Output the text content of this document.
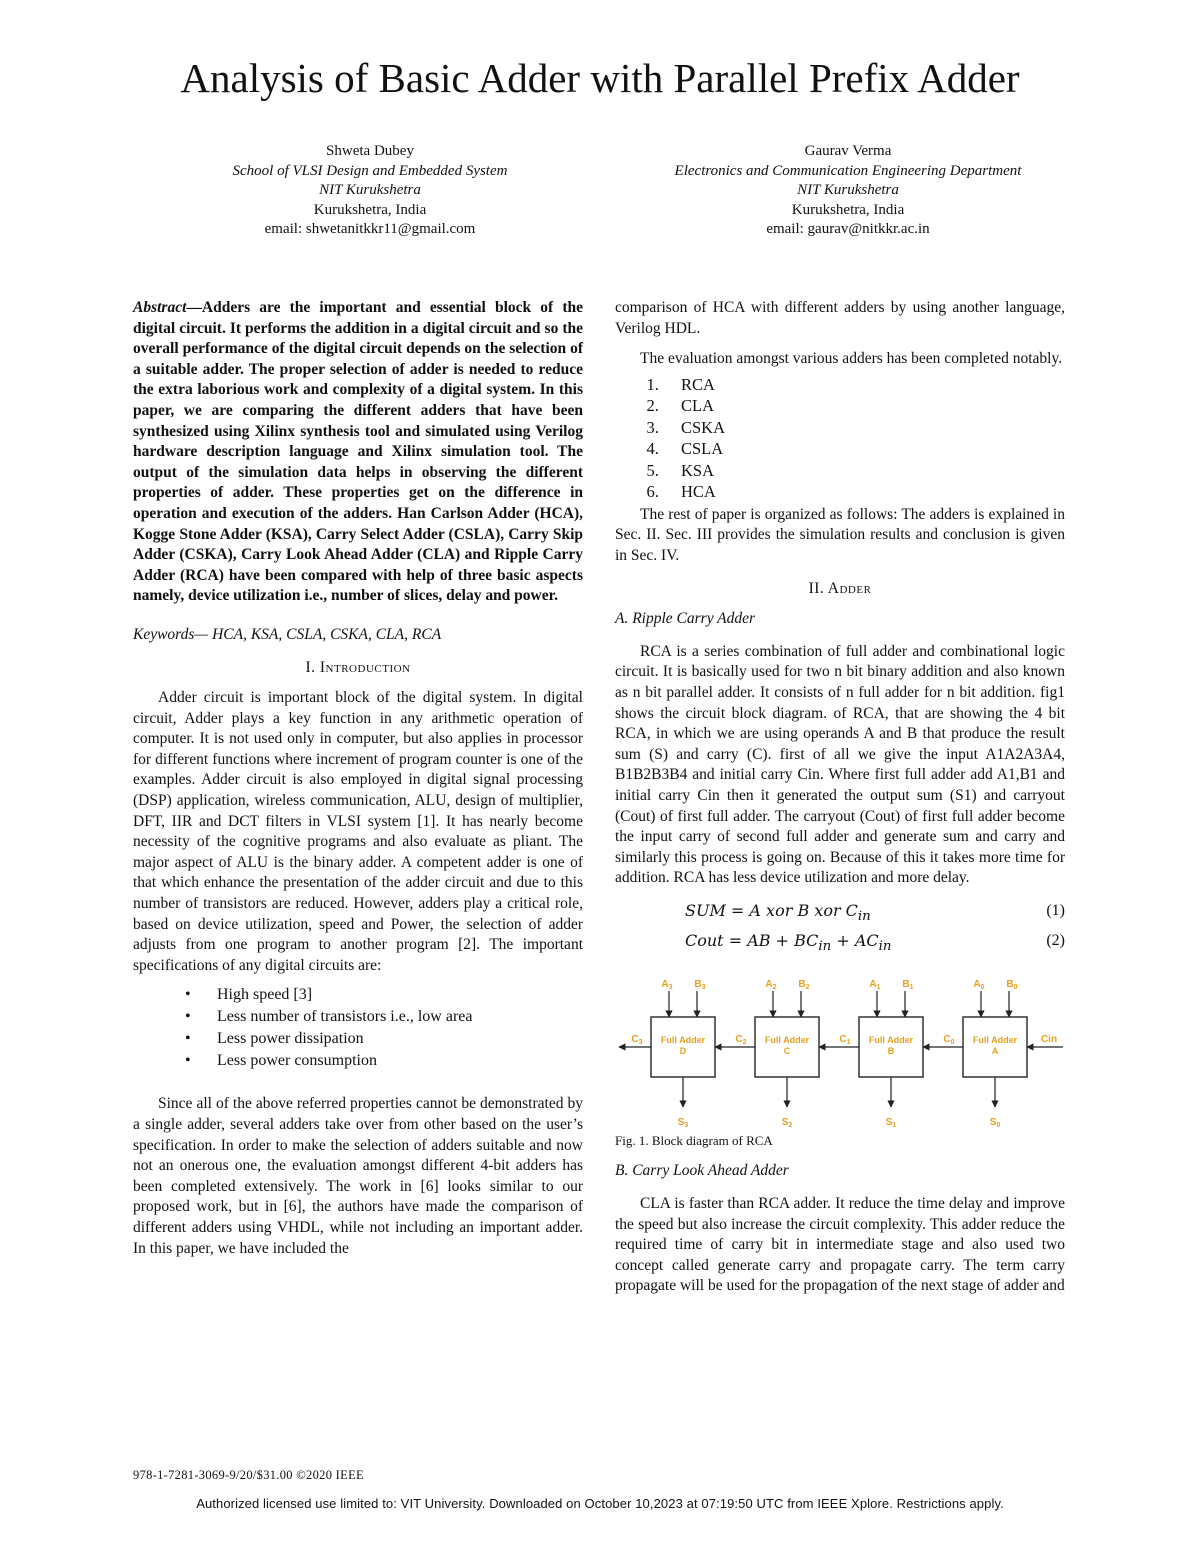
Analysis of Basic Adder with Parallel Prefix Adder
Shweta Dubey
School of VLSI Design and Embedded System
NIT Kurukshetra
Kurukshetra, India
email: shwetanitkkr11@gmail.com
Gaurav Verma
Electronics and Communication Engineering Department
NIT Kurukshetra
Kurukshetra, India
email: gaurav@nitkkr.ac.in

Abstract—Adders are the important and essential block of the digital circuit. It performs the addition in a digital circuit and so the overall performance of the digital circuit depends on the selection of a suitable adder. The proper selection of adder is needed to reduce the extra laborious work and complexity of a digital system. In this paper, we are comparing the different adders that have been synthesized using Xilinx synthesis tool and simulated using Verilog hardware description language and Xilinx simulation tool. The output of the simulation data helps in observing the different properties of adder. These properties get on the difference in operation and execution of the adders. Han Carlson Adder (HCA), Kogge Stone Adder (KSA), Carry Select Adder (CSLA), Carry Skip Adder (CSKA), Carry Look Ahead Adder (CLA) and Ripple Carry Adder (RCA) have been compared with help of three basic aspects namely, device utilization i.e., number of slices, delay and power.

Keywords— HCA, KSA, CSLA, CSKA, CLA, RCA

I. Introduction

Adder circuit is important block of the digital system. In digital circuit, Adder plays a key function in any arithmetic operation of computer. It is not used only in computer, but also applies in processor for different functions where increment of program counter is one of the examples. Adder circuit is also employed in digital signal processing (DSP) application, wireless communication, ALU, design of multiplier, DFT, IIR and DCT filters in VLSI system [1]. It has nearly become necessity of the cognitive programs and also evaluate as pliant. The major aspect of ALU is the binary adder. A competent adder is one of that which enhance the presentation of the adder circuit and due to this number of transistors are reduced. However, adders play a critical role, based on device utilization, speed and Power, the selection of adder adjusts from one program to another program [2]. The important specifications of any digital circuits are:

• High speed [3]
• Less number of transistors i.e., low area
• Less power dissipation
• Less power consumption

Since all of the above referred properties cannot be demonstrated by a single adder, several adders take over from other based on the user’s specification. In order to make the selection of adders suitable and now not an onerous one, the evaluation amongst different 4-bit adders has been completed extensively. The work in [6] looks similar to our proposed work, but in [6], the authors have made the comparison of different adders using VHDL, while not including an important adder. In this paper, we have included the

comparison of HCA with different adders by using another language, Verilog HDL.

The evaluation amongst various adders has been completed notably.

1. RCA
2. CLA
3. CSKA
4. CSLA
5. KSA
6. HCA

The rest of paper is organized as follows: The adders is explained in Sec. II. Sec. III provides the simulation results and conclusion is given in Sec. IV.

II. Adder

A. Ripple Carry Adder

RCA is a series combination of full adder and combinational logic circuit. It is basically used for two n bit binary addition and also known as n bit parallel adder. It consists of n full adder for n bit addition. fig1 shows the circuit block diagram. of RCA, that are showing the 4 bit RCA, in which we are using operands A and B that produce the result sum (S) and carry (C). first of all we give the input A1A2A3A4, B1B2B3B4 and initial carry Cin. Where first full adder add A1,B1 and initial carry Cin then it generated the output sum (S1) and carryout (Cout) of first full adder. The carryout (Cout) of first full adder become the input carry of second full adder and generate sum and carry and similarly this process is going on. Because of this it takes more time for addition. RCA has less device utilization and more delay.

SUM = A xor B xor $C_{in}$	(1)
Cout = AB + $BC_{in} + AC_{in}$	(2)
Full Adder
D
$A_3$ $B_3$
$S_3$
$C_3$	Full Adder
C
$A_2$ $B_2$
$S_2$
$C_2$	Full Adder
B
$A_1$ $B_1$
$S_1$
$C_1$	Full Adder
A
$A_0$ $B_0$
$S_0$
$C_0$	Cin

Fig. 1. Block diagram of RCA

B. Carry Look Ahead Adder

CLA is faster than RCA adder. It reduce the time delay and improve the speed but also increase the circuit complexity. This adder reduce the required time of carry bit in intermediate stage and also used two concept called generate carry and propagate carry. The term carry propagate will be used for the propagation of the next stage of adder and

978-1-7281-3069-9/20/$31.00 ©2020 IEEE
Authorized licensed use limited to: VIT University. Downloaded on October 10,2023 at 07:19:50 UTC from IEEE Xplore. Restrictions apply.
